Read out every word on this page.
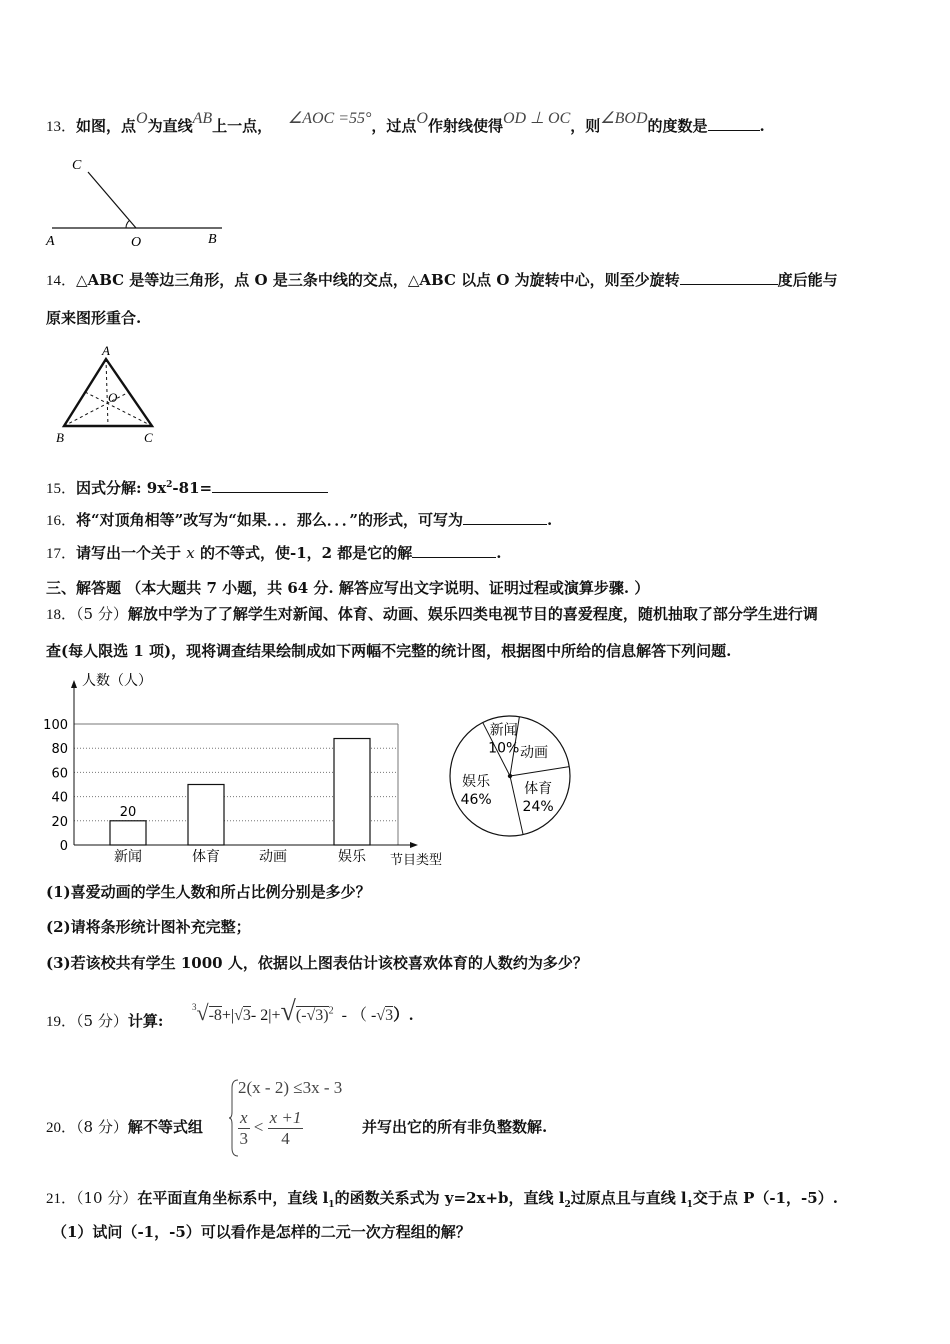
13．如图，点O为直线AB上一点， ∠AOC =55°，过点O作射线使得OD ⊥ OC，则∠BOD的度数是	.
C
A	O	B
14．△ABC 是等边三角形，点 O 是三条中线的交点，△ABC 以点 O 为旋转中心，则至少旋转	度后能与
原来图形重合.
A
O
B	C
15．因式分解: $9x^2-81=$
16．将“对顶角相等”改写为“如果．．．那么．．．”的形式，可写为	.
17．请写出一个关于 x 的不等式，使-1，2 都是它的解	.
三、解答题 （本大题共 7 小题，共 64 分. 解答应写出文字说明、证明过程或演算步骤. ）
18．（5 分）解放中学为了了解学生对新闻、体育、动画、娱乐四类电视节目的喜爱程度，随机抽取了部分学生进行调
查(每人限选 1 项)，现将调查结果绘制成如下两幅不完整的统计图，根据图中所给的信息解答下列问题.
20
0
20
40
60
80
100
新闻	体育	动画	娱乐
人数（人）
节目类型
新闻
10% 动画
体育
24%
娱乐
46%
(1)喜爱动画的学生人数和所占比例分别是多少？
(2)请将条形统计图补充完整；
(3)若该校共有学生 1000 人，依据以上图表估计该校喜欢体育的人数约为多少？
19．（5 分）计算:
$^3$√-8+|√3- $2|+√(-√3)^2$ - （ -√3）.
20．（8 分）解不等式组
2(x - 2) ≤3x - 3
$\frac{x}{3} < \frac{x +1}{4}$	并写出它的所有非负整数解.
21．（10 分）在平面直角坐标系中，直线 $l_1$的函数关系式为 y=2x+b，直线 $l_2$过原点且与直线 $l_1$交于点 P（-1，-5）.
（1）试问（-1，-5）可以看作是怎样的二元一次方程组的解？
